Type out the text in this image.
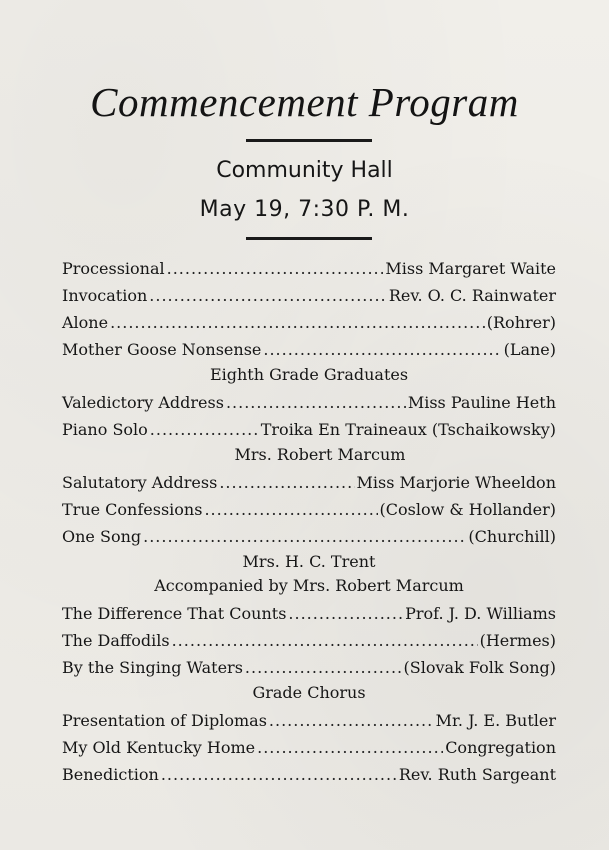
Commencement Program
Community Hall
May 19, 7:30 P. M.
Processional .....	Miss Margaret Waite
Invocation .....	Rev. O. C. Rainwater
Alone .....	(Rohrer)
Mother Goose Nonsense .....	(Lane)
Eighth Grade Graduates
Valedictory Address .....	Miss Pauline Heth
Piano Solo .....	Troika En Traineaux (Tschaikowsky)
Mrs. Robert Marcum
Salutatory Address .....	Miss Marjorie Wheeldon
True Confessions .....	(Coslow & Hollander)
One Song .....	(Churchill)
Mrs. H. C. Trent
Accompanied by Mrs. Robert Marcum
The Difference That Counts .....	Prof. J. D. Williams
The Daffodils .....	(Hermes)
By the Singing Waters .....	(Slovak Folk Song)
Grade Chorus
Presentation of Diplomas .....	Mr. J. E. Butler
My Old Kentucky Home .....	Congregation
Benediction .....	Rev. Ruth Sargeant
